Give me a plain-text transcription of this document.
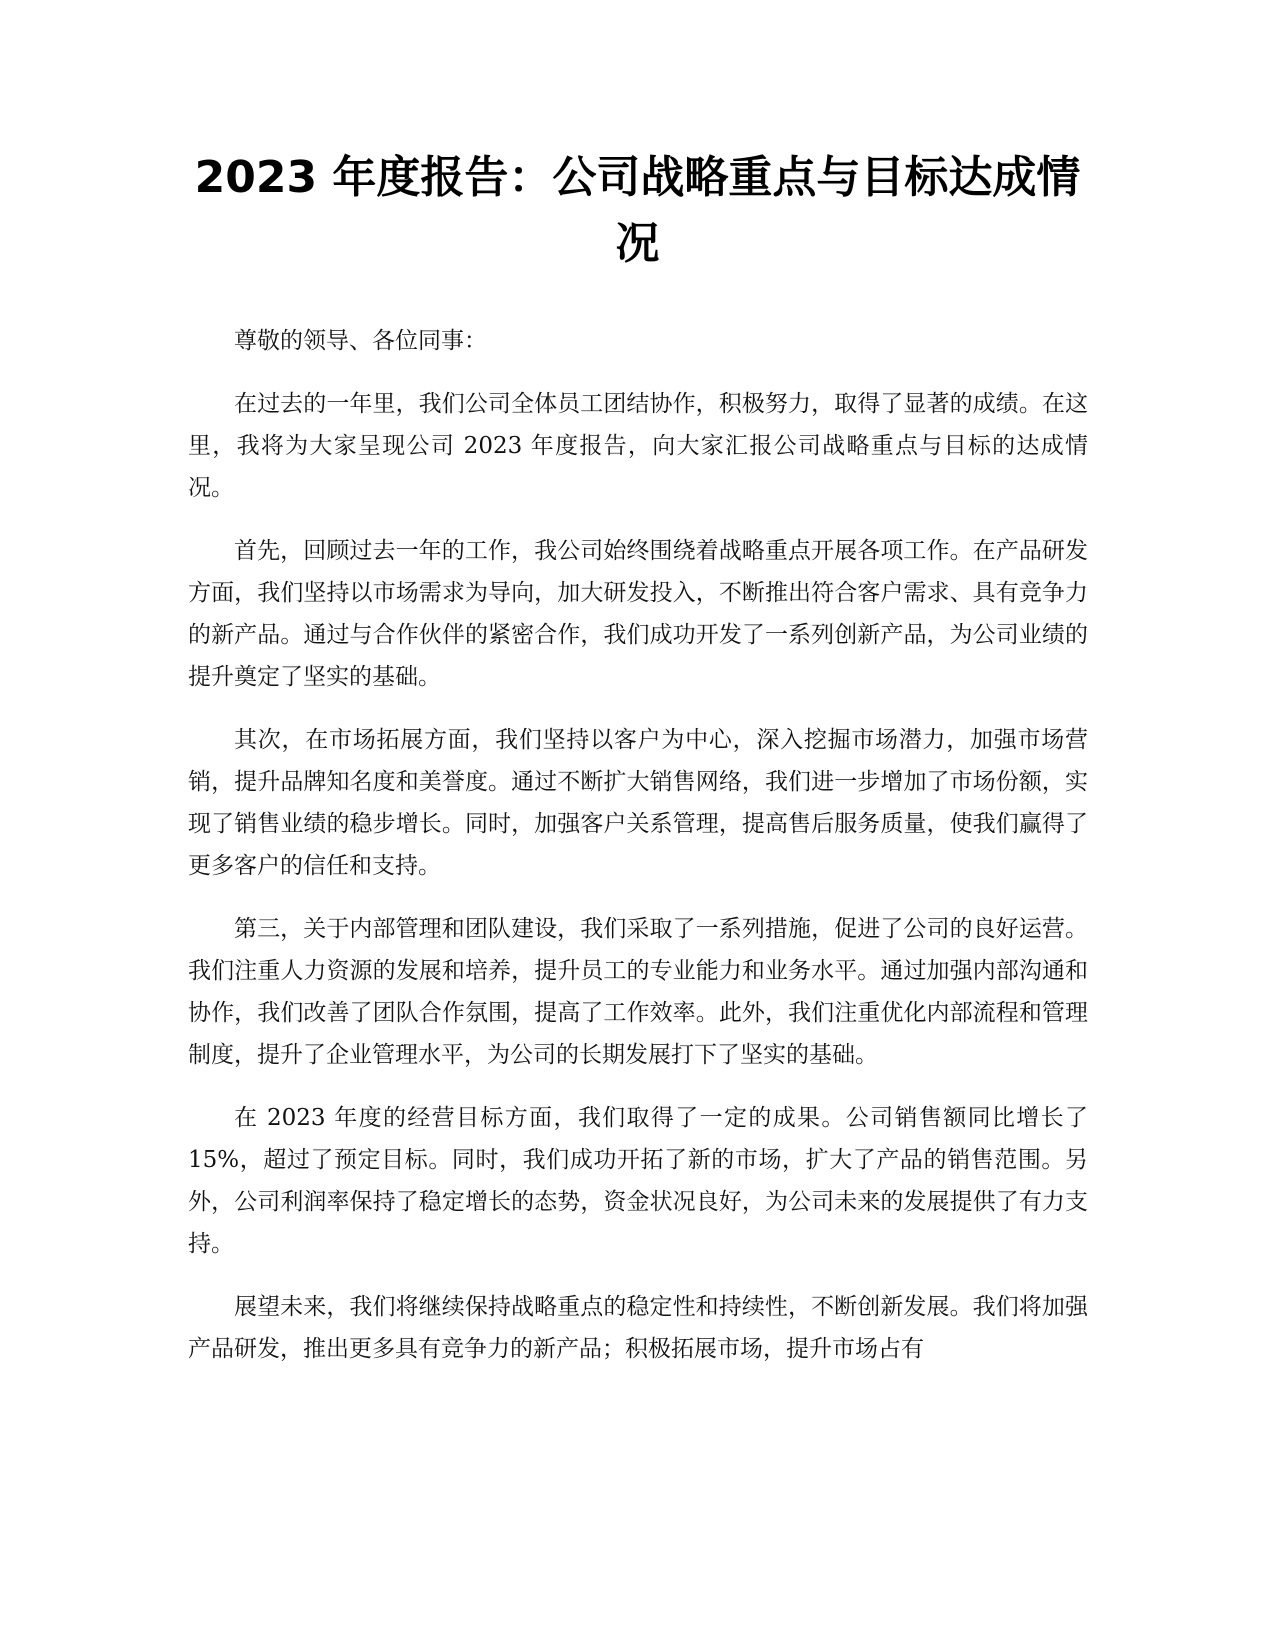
2023 年度报告：公司战略重点与目标达成情况

尊敬的领导、各位同事：

在过去的一年里，我们公司全体员工团结协作，积极努力，取得了显著的成绩。在这里，我将为大家呈现公司 2023 年度报告，向大家汇报公司战略重点与目标的达成情况。

首先，回顾过去一年的工作，我公司始终围绕着战略重点开展各项工作。在产品研发方面，我们坚持以市场需求为导向，加大研发投入，不断推出符合客户需求、具有竞争力的新产品。通过与合作伙伴的紧密合作，我们成功开发了一系列创新产品，为公司业绩的提升奠定了坚实的基础。

其次，在市场拓展方面，我们坚持以客户为中心，深入挖掘市场潜力，加强市场营销，提升品牌知名度和美誉度。通过不断扩大销售网络，我们进一步增加了市场份额，实现了销售业绩的稳步增长。同时，加强客户关系管理，提高售后服务质量，使我们赢得了更多客户的信任和支持。

第三，关于内部管理和团队建设，我们采取了一系列措施，促进了公司的良好运营。我们注重人力资源的发展和培养，提升员工的专业能力和业务水平。通过加强内部沟通和协作，我们改善了团队合作氛围，提高了工作效率。此外，我们注重优化内部流程和管理制度，提升了企业管理水平，为公司的长期发展打下了坚实的基础。

在 2023 年度的经营目标方面，我们取得了一定的成果。公司销售额同比增长了 15%，超过了预定目标。同时，我们成功开拓了新的市场，扩大了产品的销售范围。另外，公司利润率保持了稳定增长的态势，资金状况良好，为公司未来的发展提供了有力支持。

展望未来，我们将继续保持战略重点的稳定性和持续性，不断创新发展。我们将加强产品研发，推出更多具有竞争力的新产品；积极拓展市场，提升市场占有
